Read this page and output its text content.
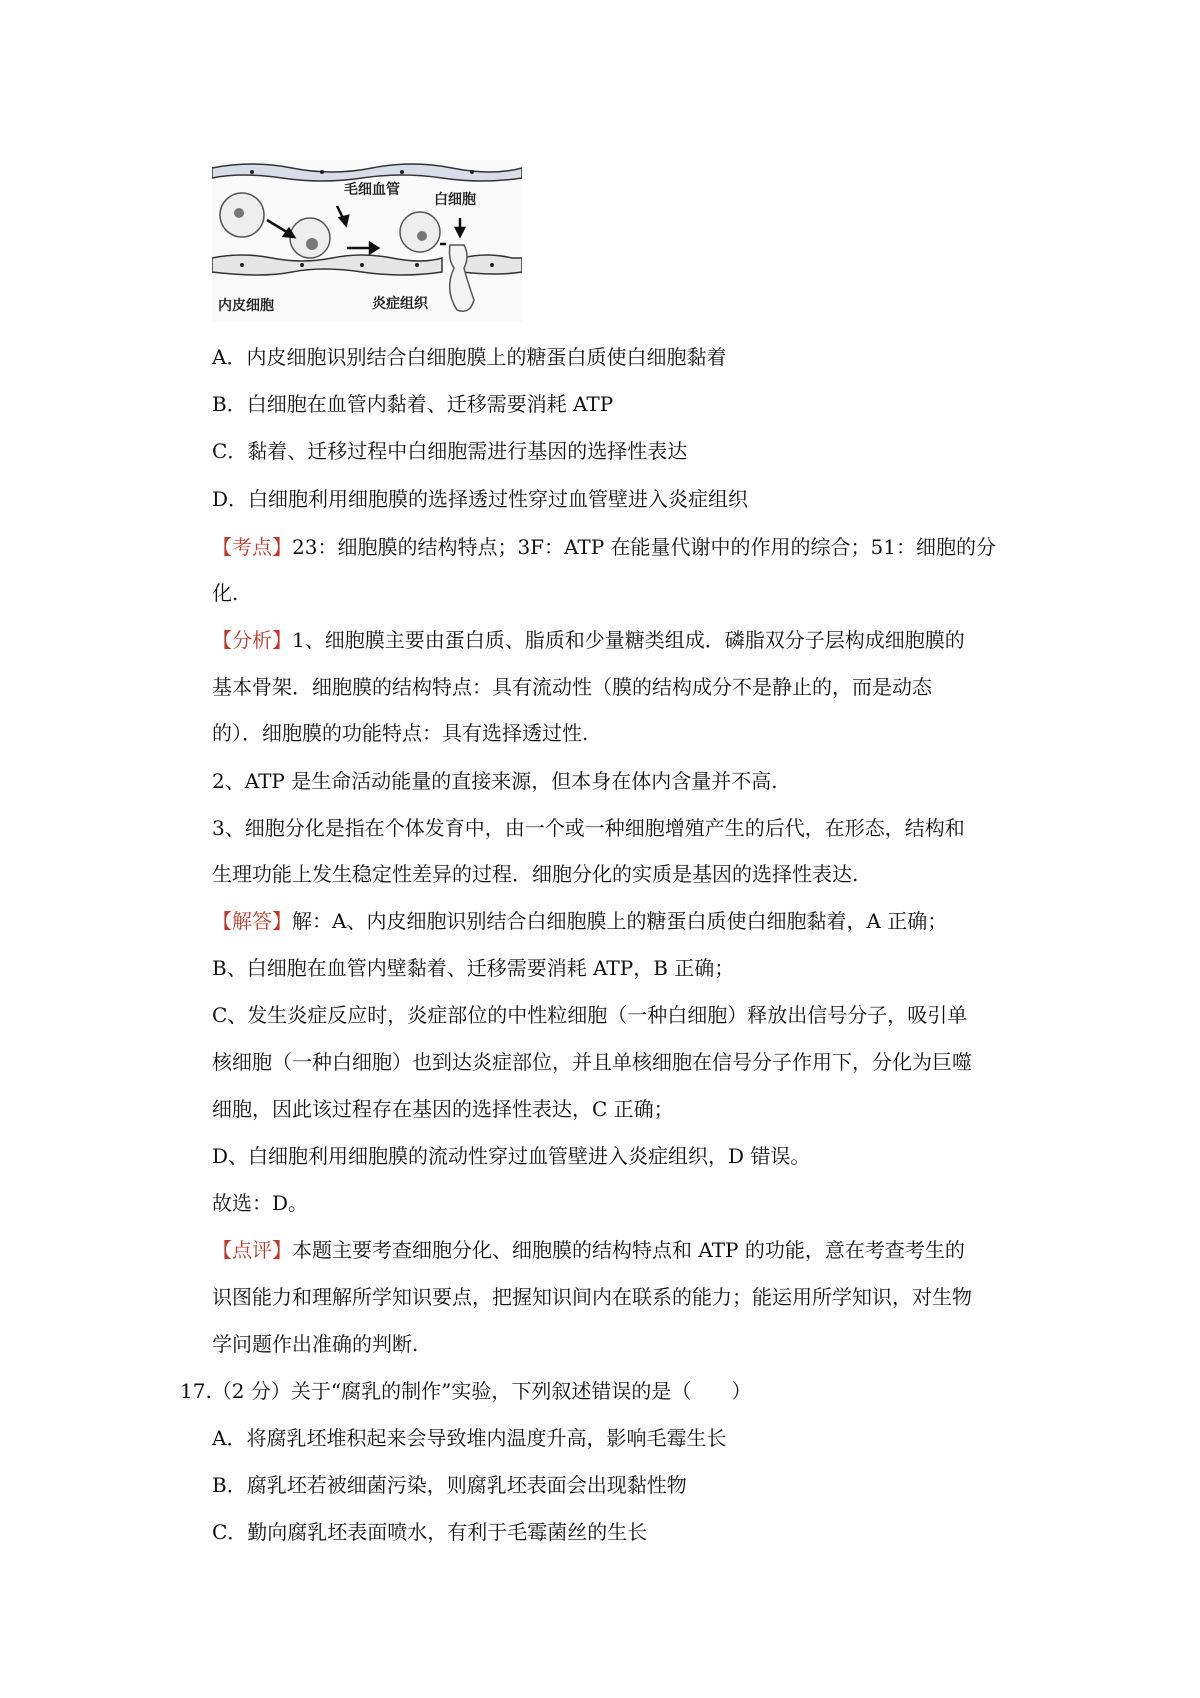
毛细血管
白细胞
内皮细胞	炎症组织
A．内皮细胞识别结合白细胞膜上的糖蛋白质使白细胞黏着
B．白细胞在血管内黏着、迁移需要消耗 ATP
C．黏着、迁移过程中白细胞需进行基因的选择性表达
D．白细胞利用细胞膜的选择透过性穿过血管壁进入炎症组织
【考点】23：细胞膜的结构特点；3F：ATP 在能量代谢中的作用的综合；51：细胞的分
化.
【分析】1、细胞膜主要由蛋白质、脂质和少量糖类组成．磷脂双分子层构成细胞膜的
基本骨架．细胞膜的结构特点：具有流动性（膜的结构成分不是静止的，而是动态
的）．细胞膜的功能特点：具有选择透过性.
2、ATP 是生命活动能量的直接来源，但本身在体内含量并不高.
3、细胞分化是指在个体发育中，由一个或一种细胞增殖产生的后代，在形态，结构和
生理功能上发生稳定性差异的过程．细胞分化的实质是基因的选择性表达.
【解答】解：A、内皮细胞识别结合白细胞膜上的糖蛋白质使白细胞黏着，A 正确；
B、白细胞在血管内壁黏着、迁移需要消耗 ATP，B 正确；
C、发生炎症反应时，炎症部位的中性粒细胞（一种白细胞）释放出信号分子，吸引单
核细胞（一种白细胞）也到达炎症部位，并且单核细胞在信号分子作用下，分化为巨噬
细胞，因此该过程存在基因的选择性表达，C 正确；
D、白细胞利用细胞膜的流动性穿过血管壁进入炎症组织，D 错误。
故选：D。
【点评】本题主要考查细胞分化、细胞膜的结构特点和 ATP 的功能，意在考查考生的
识图能力和理解所学知识要点，把握知识间内在联系的能力；能运用所学知识，对生物
学问题作出准确的判断.
17.（2 分）关于“腐乳的制作”实验，下列叙述错误的是（　　）
A．将腐乳坯堆积起来会导致堆内温度升高，影响毛霉生长
B．腐乳坯若被细菌污染，则腐乳坯表面会出现黏性物
C．勤向腐乳坯表面喷水，有利于毛霉菌丝的生长
